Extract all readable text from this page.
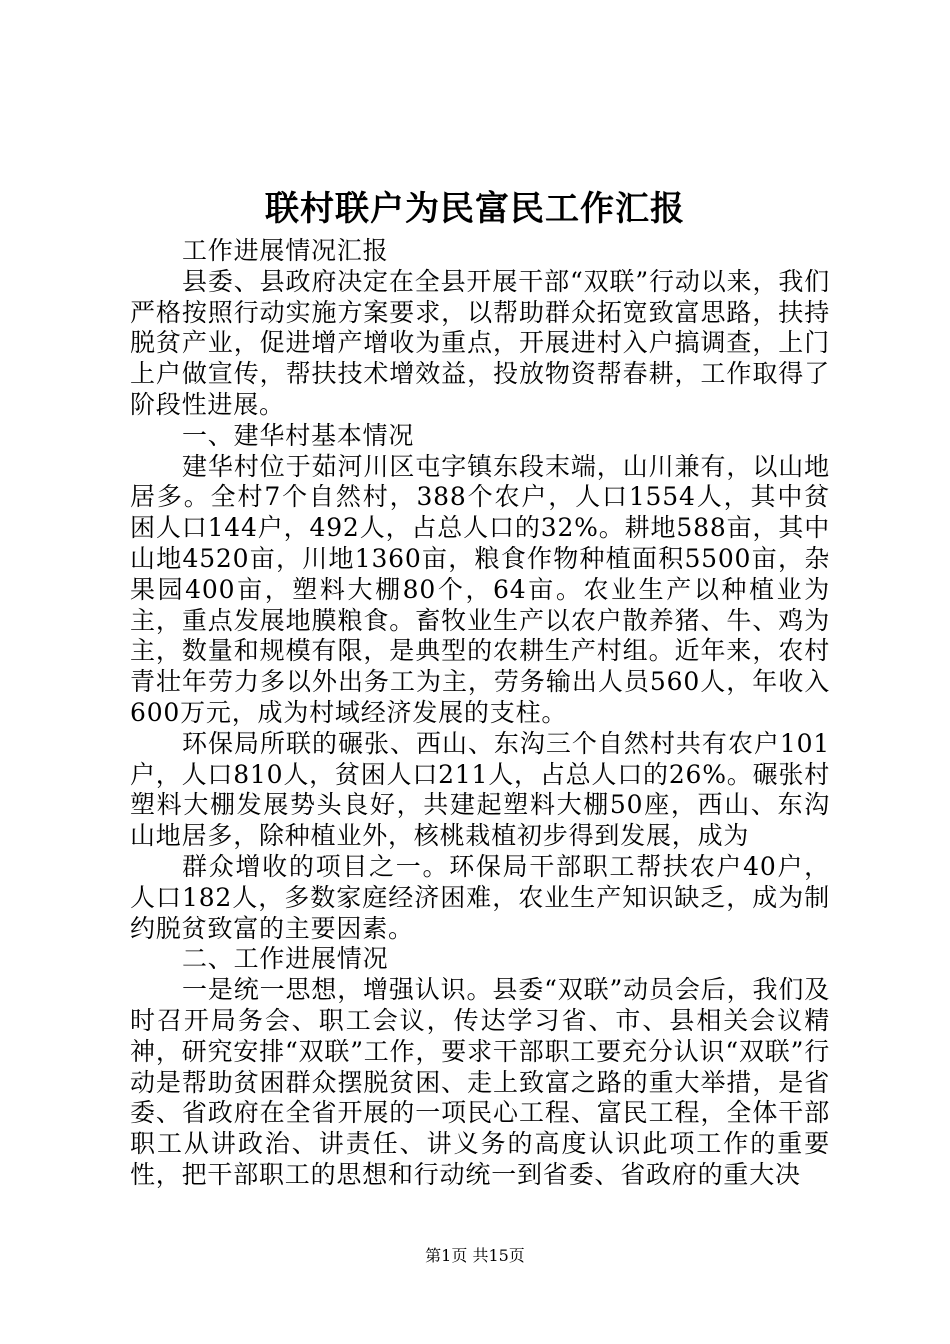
联村联户为民富民工作汇报

工作进展情况汇报

县委、县政府决定在全县开展干部“双联”行动以来，我们严格按照行动实施方案要求，以帮助群众拓宽致富思路，扶持脱贫产业，促进增产增收为重点，开展进村入户搞调查，上门上户做宣传，帮扶技术增效益，投放物资帮春耕，工作取得了阶段性进展。

一、建华村基本情况

建华村位于茹河川区屯字镇东段末端，山川兼有，以山地居多。全村7个自然村，388个农户，人口1554人，其中贫困人口144户，492人，占总人口的32%。耕地588亩，其中山地4520亩，川地1360亩，粮食作物种植面积5500亩，杂果园400亩，塑料大棚80个，64亩。农业生产以种植业为主，重点发展地膜粮食。畜牧业生产以农户散养猪、牛、鸡为主，数量和规模有限，是典型的农耕生产村组。近年来，农村青壮年劳力多以外出务工为主，劳务输出人员560人，年收入600万元，成为村域经济发展的支柱。

环保局所联的碾张、西山、东沟三个自然村共有农户101户，人口810人，贫困人口211人，占总人口的26%。碾张村塑料大棚发展势头良好，共建起塑料大棚50座，西山、东沟山地居多，除种植业外，核桃栽植初步得到发展，成为

群众增收的项目之一。环保局干部职工帮扶农户40户，人口182人，多数家庭经济困难，农业生产知识缺乏，成为制约脱贫致富的主要因素。

二、工作进展情况

一是统一思想，增强认识。县委“双联”动员会后，我们及时召开局务会、职工会议，传达学习省、市、县相关会议精神，研究安排“双联”工作，要求干部职工要充分认识“双联”行动是帮助贫困群众摆脱贫困、走上致富之路的重大举措，是省委、省政府在全省开展的一项民心工程、富民工程，全体干部职工从讲政治、讲责任、讲义务的高度认识此项工作的重要性，把干部职工的思想和行动统一到省委、省政府的重大决

第1页 共15页
